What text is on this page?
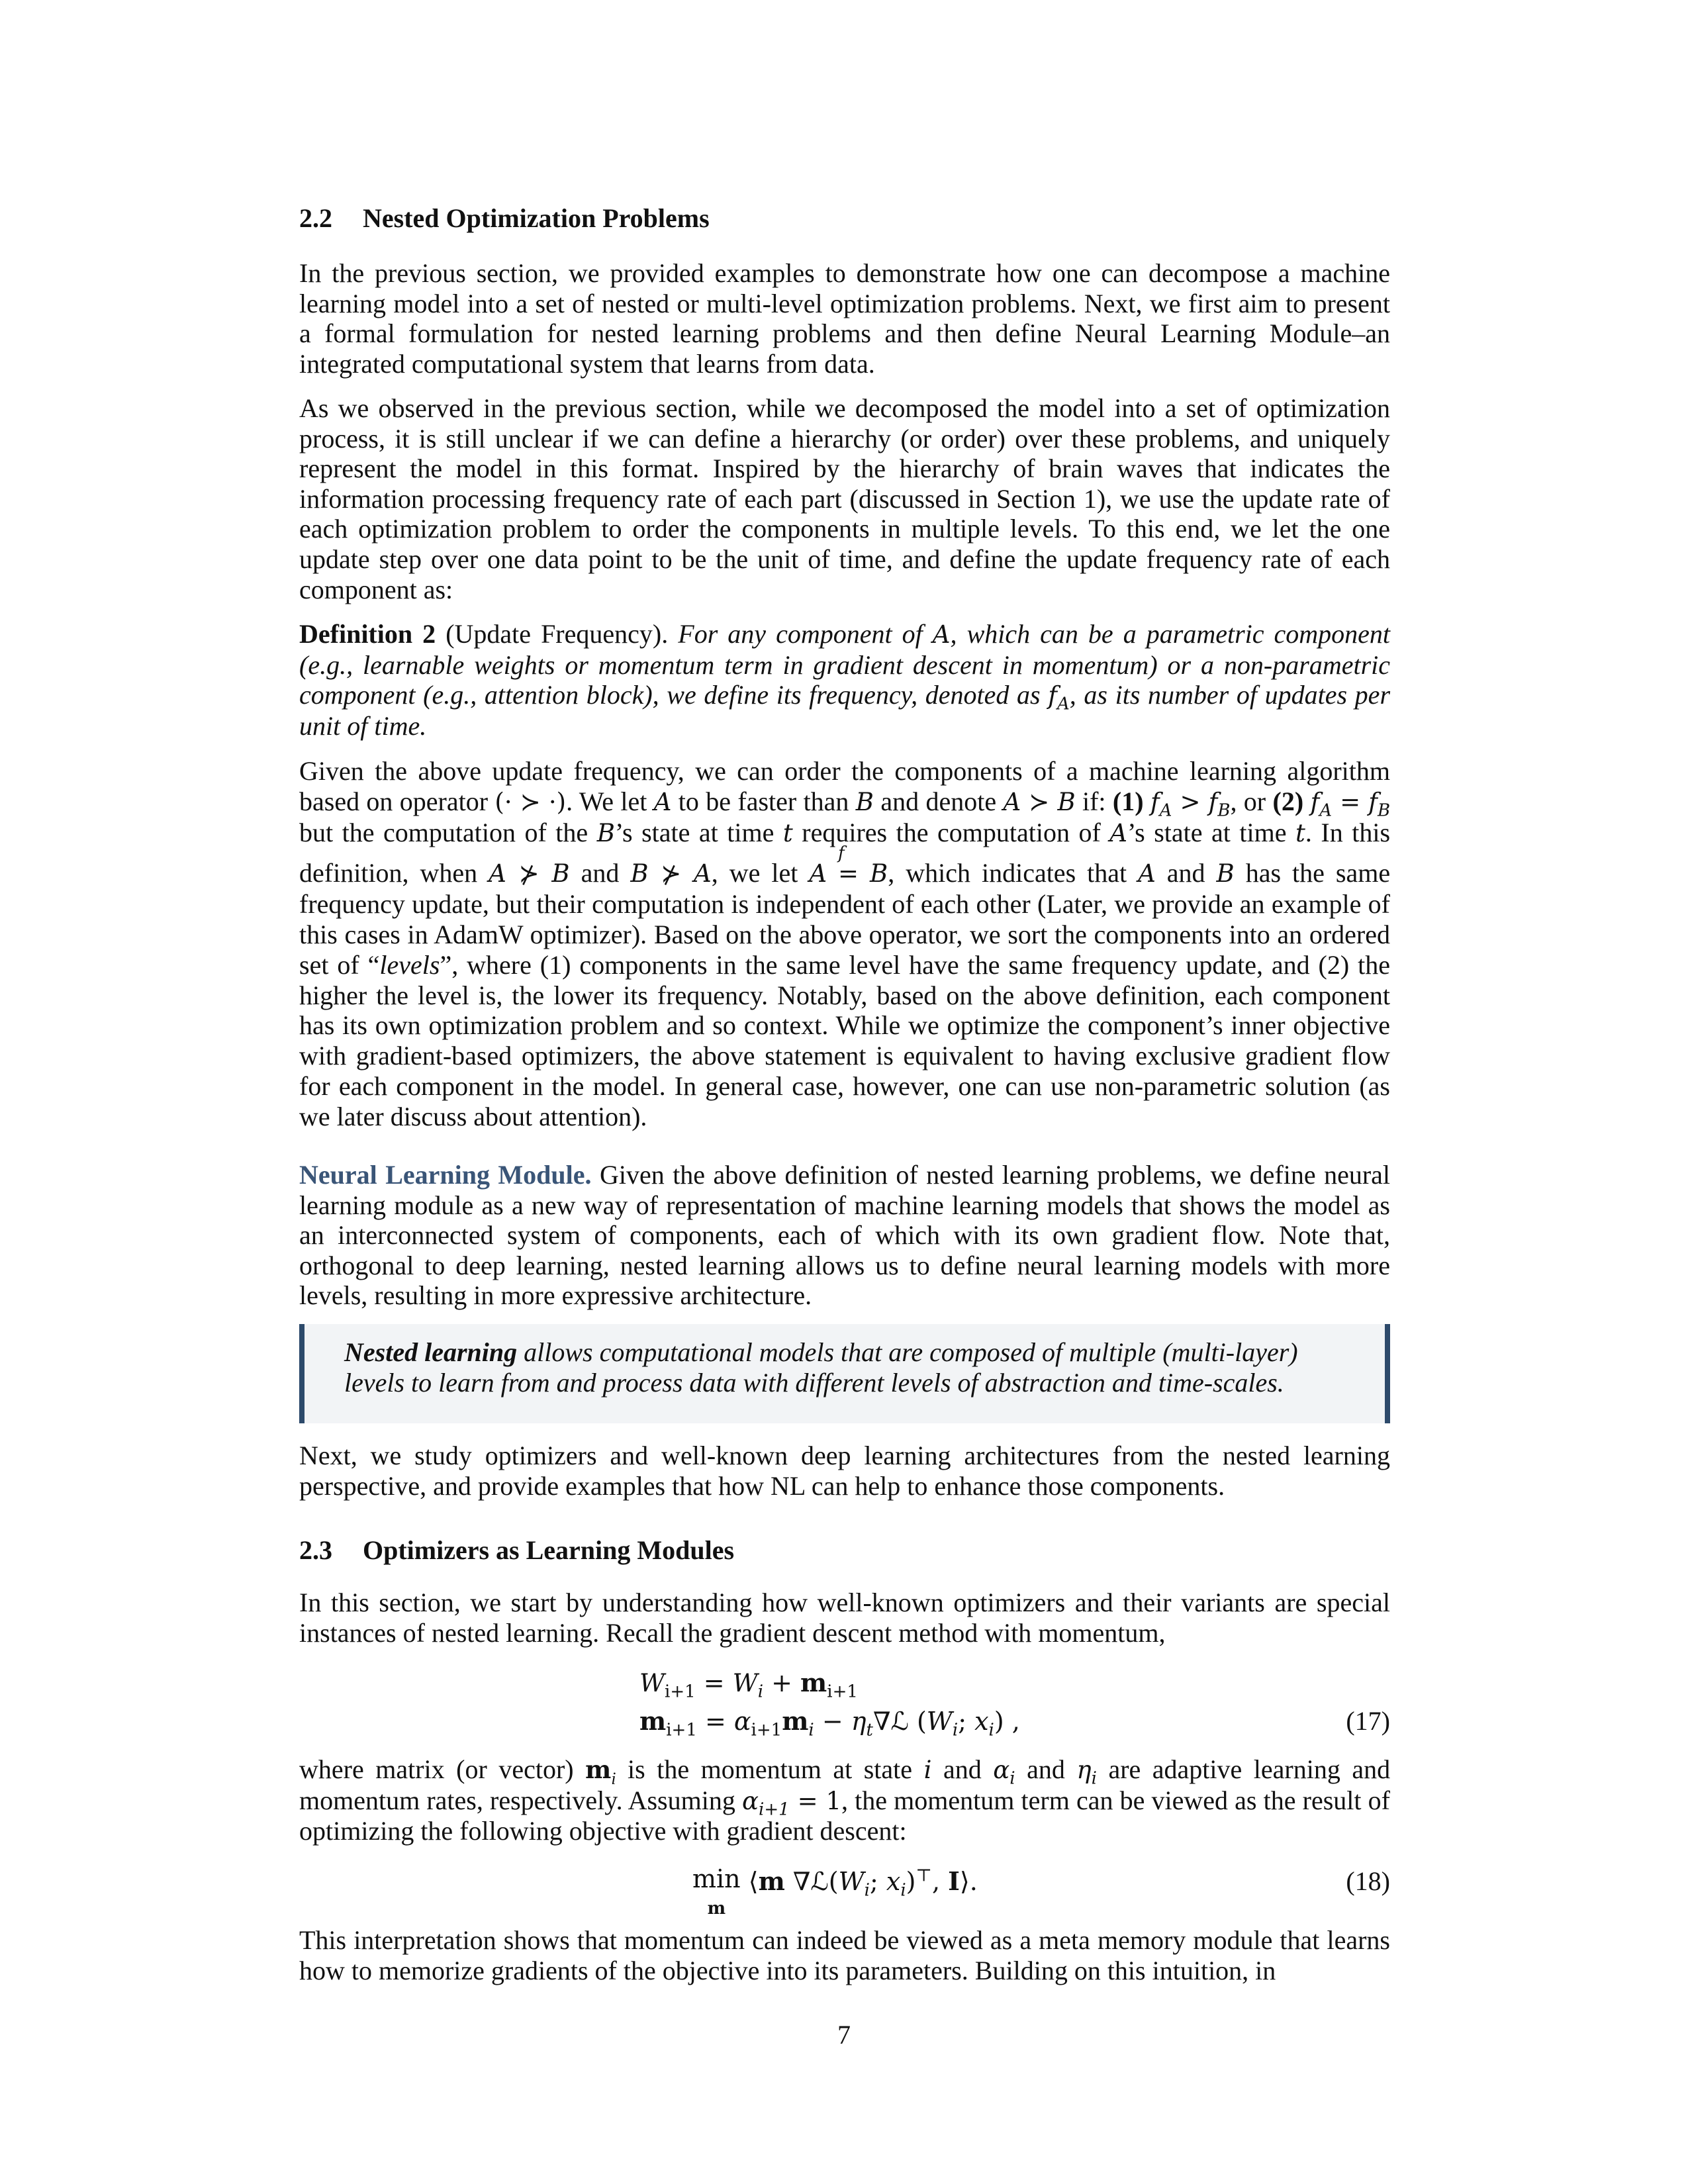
2.2 Nested Optimization Problems

In the previous section, we provided examples to demonstrate how one can decompose a machine learning model into a set of nested or multi-level optimization problems. Next, we first aim to present a formal formulation for nested learning problems and then define Neural Learning Module–an integrated computational system that learns from data.

As we observed in the previous section, while we decomposed the model into a set of optimization process, it is still unclear if we can define a hierarchy (or order) over these problems, and uniquely represent the model in this format. Inspired by the hierarchy of brain waves that indicates the information processing frequency rate of each part (discussed in Section 1), we use the update rate of each optimization problem to order the components in multiple levels. To this end, we let the one update step over one data point to be the unit of time, and define the update frequency rate of each component as:

Definition 2 (Update Frequency). For any component of A, which can be a parametric component (e.g., learnable weights or momentum term in gradient descent in momentum) or a non-parametric component (e.g., attention block), we define its frequency, denoted as $f_A$, as its number of updates per unit of time.

Given the above update frequency, we can order the components of a machine learning algorithm based on operator (· ≻ ·). We let A to be faster than B and denote A ≻ B if: (1) $f_A > f_B$, or (2) $f_A = f_B$ but the computation of the B’s state at time t requires the computation of A’s state at time t. In this definition, when A ⊁ B and B ⊁ A, we let A
f
= B, which indicates that A and B has the same frequency update, but their computation is independent of each other (Later, we provide an example of this cases in AdamW optimizer). Based on the above operator, we sort the components into an ordered set of “levels”, where (1) components in the same level have the same frequency update, and (2) the higher the level is, the lower its frequency. Notably, based on the above definition, each component has its own optimization problem and so context. While we optimize the component’s inner objective with gradient-based optimizers, the above statement is equivalent to having exclusive gradient flow for each component in the model. In general case, however, one can use non-parametric solution (as we later discuss about attention).

Neural Learning Module. Given the above definition of nested learning problems, we define neural learning module as a new way of representation of machine learning models that shows the model as an interconnected system of components, each of which with its own gradient flow. Note that, orthogonal to deep learning, nested learning allows us to define neural learning models with more levels, resulting in more expressive architecture.

Nested learning allows computational models that are composed of multiple (multi-layer) levels to learn from and process data with different levels of abstraction and time-scales.

Next, we study optimizers and well-known deep learning architectures from the nested learning perspective, and provide examples that how NL can help to enhance those components.

2.3 Optimizers as Learning Modules

In this section, we start by understanding how well-known optimizers and their variants are special instances of nested learning. Recall the gradient descent method with momentum,

$W_{i+1} = W_i + m_{i+1}$
$m_{i+1} = \alpha_{i+1}m_i$ − $\eta_t\nabla ℒ$ ($W_i$; $x_i$) ,	(17)

where matrix (or vector) $m_i$ is the momentum at state i and $\alpha_i$ and $\eta_i$ are adaptive learning and momentum rates, respectively. Assuming $\alpha_{i+1} = 1$, the momentum term can be viewed as the result of optimizing the following objective with gradient descent:

min
m ⟨m $\nabla ℒ(W_i$; $x_i)^⊤$, I⟩.	(18)

This interpretation shows that momentum can indeed be viewed as a meta memory module that learns how to memorize gradients of the objective into its parameters. Building on this intuition, in

7
